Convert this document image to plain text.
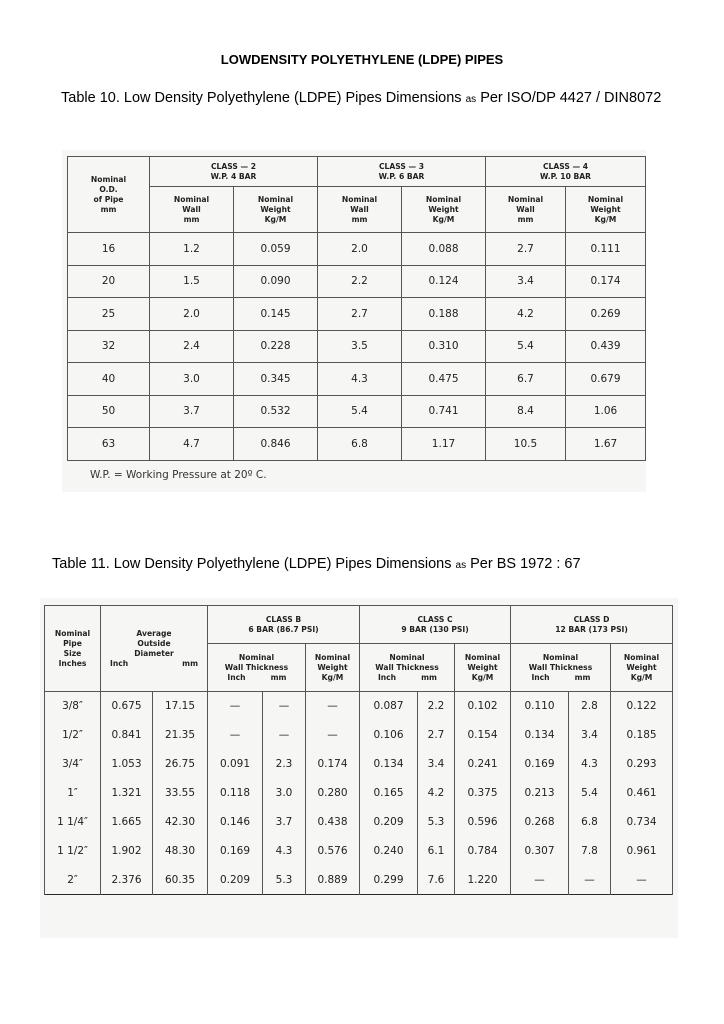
LOWDENSITY POLYETHYLENE (LDPE) PIPES
Table 10. Low Density Polyethylene (LDPE) Pipes Dimensions as Per ISO/DP 4427 / DIN8072
Nominal
O.D.
of Pipe
mm	CLASS — 2
W.P. 4 BAR		CLASS — 3
W.P. 6 BAR		CLASS — 4
W.P. 10 BAR	
	Nominal
Wall
mm	Nominal
Weight
Kg/M	Nominal
Wall
mm	Nominal
Weight
Kg/M	Nominal
Wall
mm	Nominal
Weight
Kg/M
16	1.2	0.059	2.0	0.088	2.7	0.111
20	1.5	0.090	2.2	0.124	3.4	0.174
25	2.0	0.145	2.7	0.188	4.2	0.269
32	2.4	0.228	3.5	0.310	5.4	0.439
40	3.0	0.345	4.3	0.475	6.7	0.679
50	3.7	0.532	5.4	0.741	8.4	1.06
63	4.7	0.846	6.8	1.17	10.5	1.67
W.P. = Working Pressure at 20º C.
Table 11. Low Density Polyethylene (LDPE) Pipes Dimensions as Per BS 1972 : 67
Nominal
Pipe
Size
Inches	Average
Outside
Diameter
Inch mm		CLASS B
6 BAR (86.7 PSI)			CLASS C
9 BAR (130 PSI)			CLASS D
12 BAR (173 PSI)		
			Nominal
Wall Thickness
Inch mm		Nominal
Weight
Kg/M	Nominal
Wall Thickness
Inch mm		Nominal
Weight
Kg/M	Nominal
Wall Thickness
Inch mm		Nominal
Weight
Kg/M
3/8″	0.675	17.15	—	—	—	0.087	2.2	0.102	0.110	2.8	0.122
1/2″	0.841	21.35	—	—	—	0.106	2.7	0.154	0.134	3.4	0.185
3/4″	1.053	26.75	0.091	2.3	0.174	0.134	3.4	0.241	0.169	4.3	0.293
1″	1.321	33.55	0.118	3.0	0.280	0.165	4.2	0.375	0.213	5.4	0.461
1 1/4″	1.665	42.30	0.146	3.7	0.438	0.209	5.3	0.596	0.268	6.8	0.734
1 1/2″	1.902	48.30	0.169	4.3	0.576	0.240	6.1	0.784	0.307	7.8	0.961
2″	2.376	60.35	0.209	5.3	0.889	0.299	7.6	1.220	—	—	—
